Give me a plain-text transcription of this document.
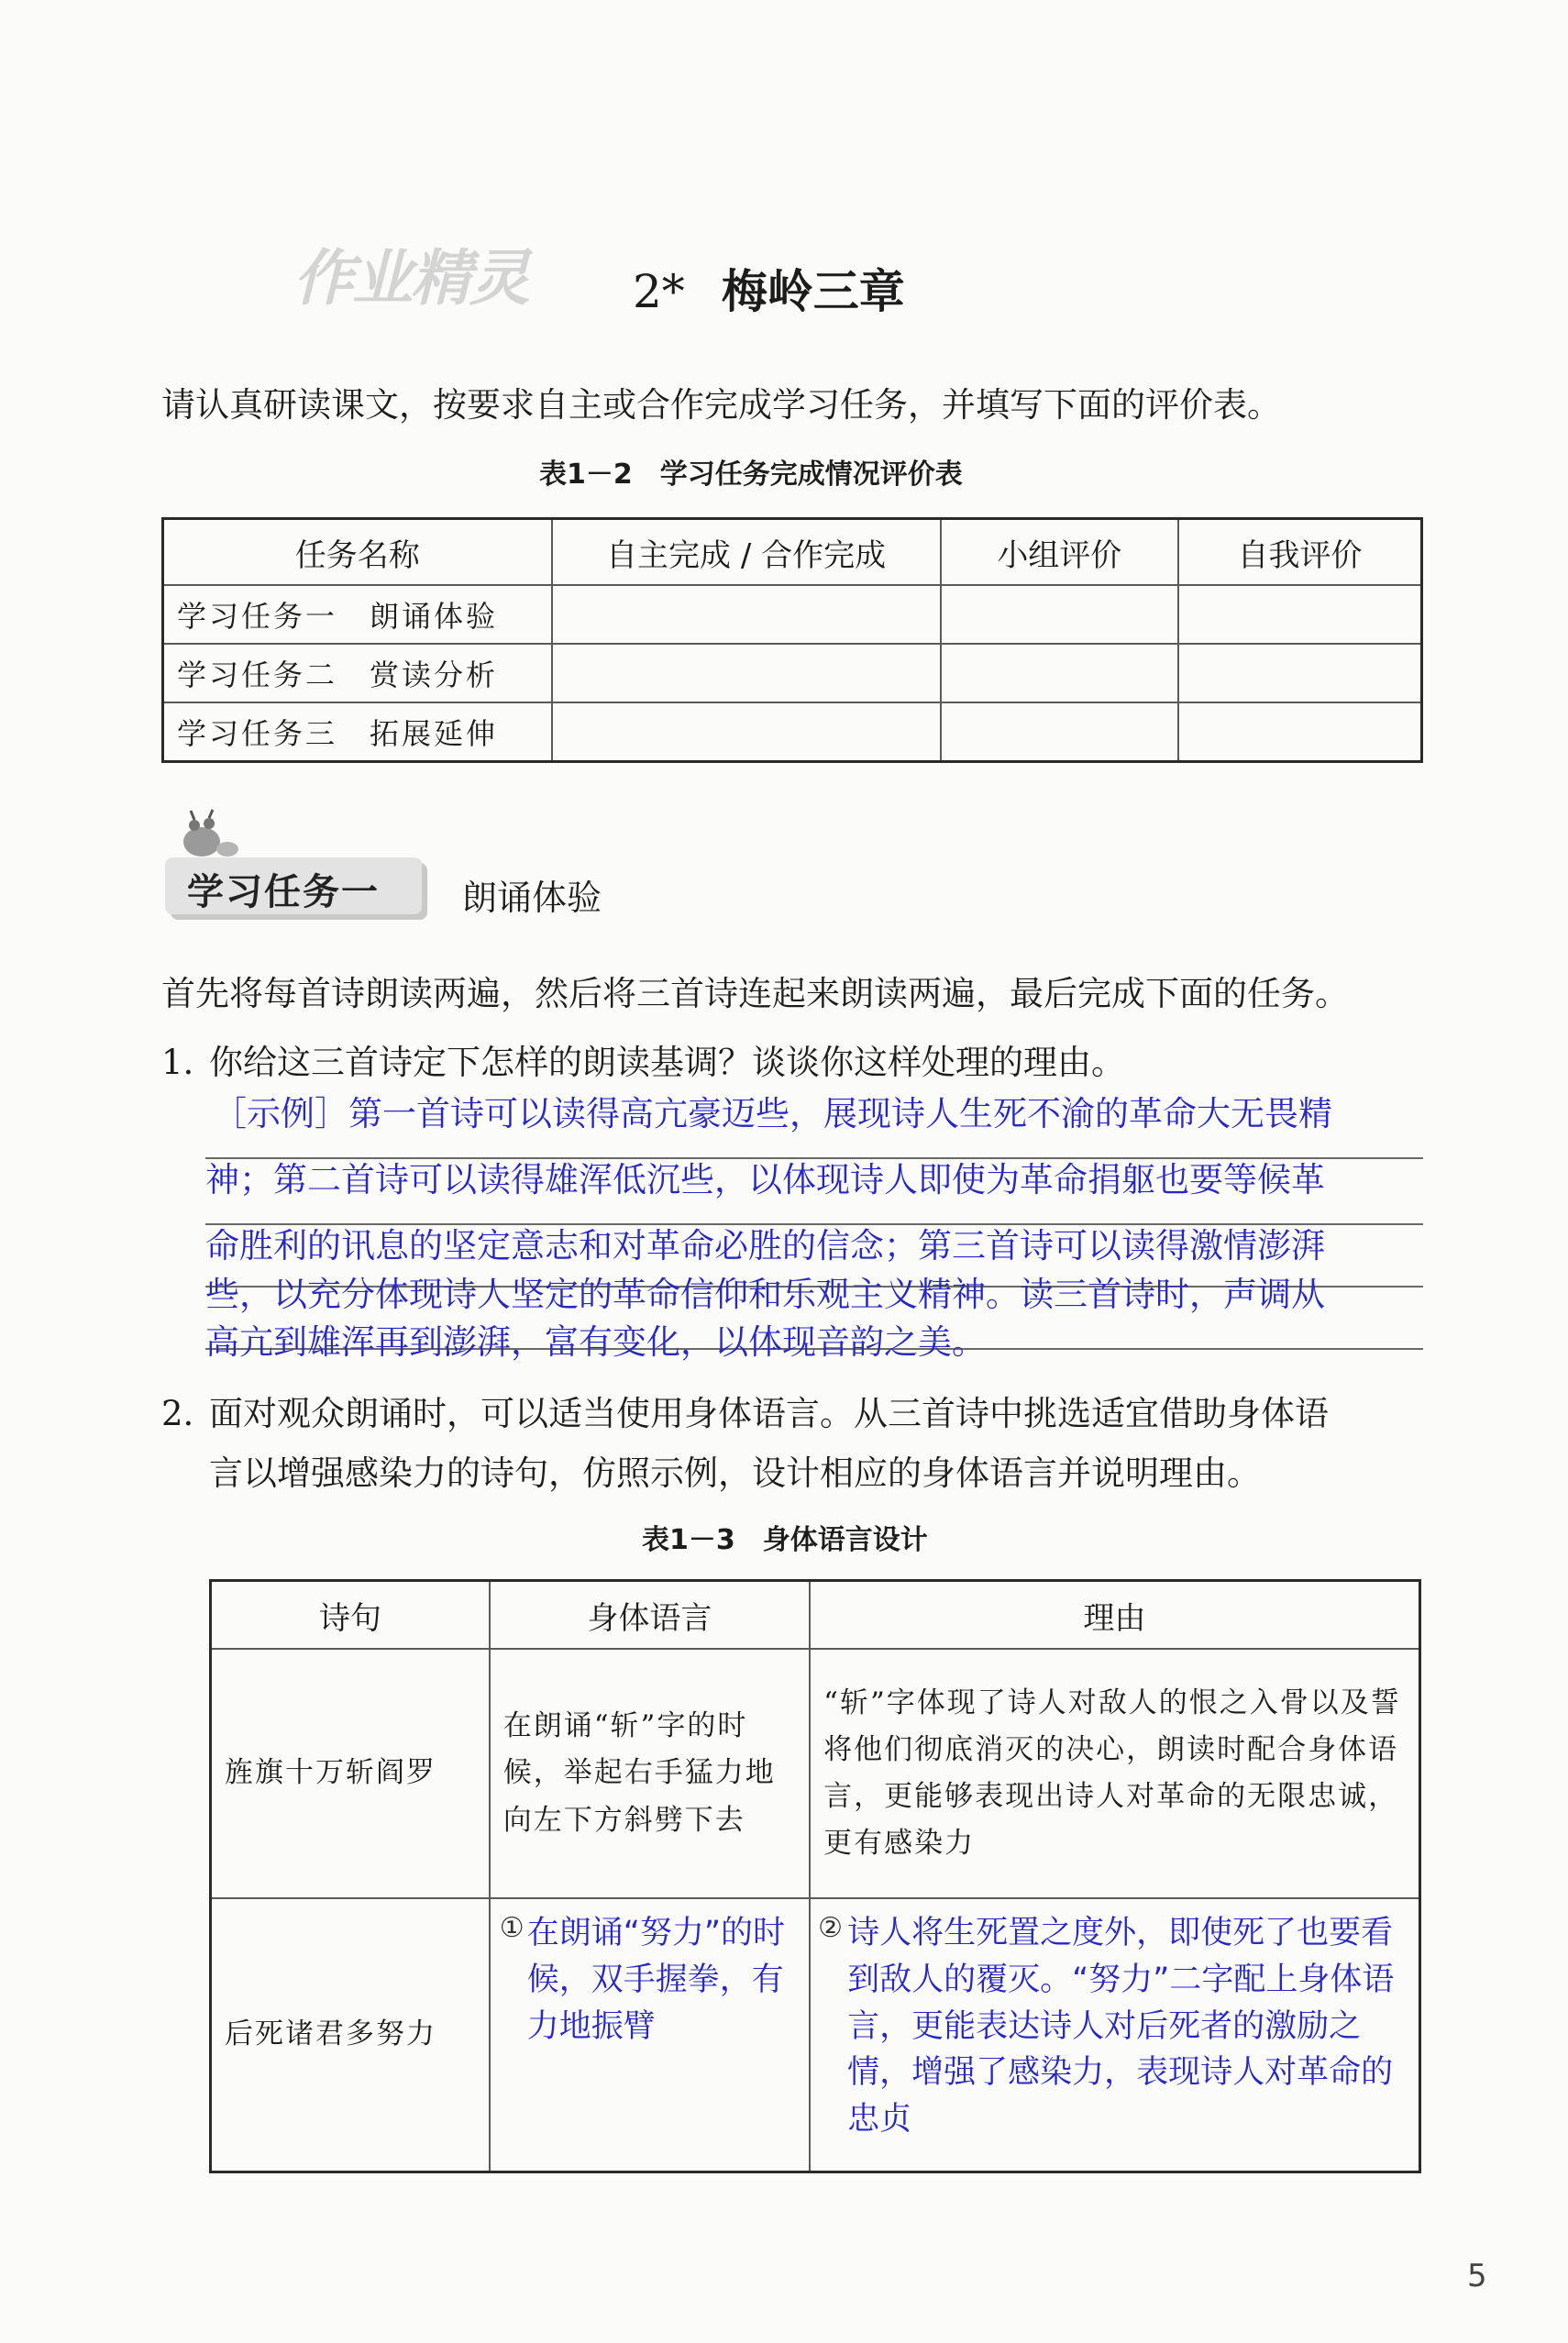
作业精灵 2* 梅岭三章
请认真研读课文，按要求自主或合作完成学习任务，并填写下面的评价表。
表1－2　学习任务完成情况评价表
任务名称	自主完成 / 合作完成	小组评价	自我评价
学习任务一　朗诵体验			
学习任务二　赏读分析			
学习任务三　拓展延伸			
学习任务一 朗诵体验
首先将每首诗朗读两遍，然后将三首诗连起来朗读两遍，最后完成下面的任务。
1. 你给这三首诗定下怎样的朗读基调？谈谈你这样处理的理由。
［示例］第一首诗可以读得高亢豪迈些，展现诗人生死不渝的革命大无畏精
神；第二首诗可以读得雄浑低沉些，以体现诗人即使为革命捐躯也要等候革
命胜利的讯息的坚定意志和对革命必胜的信念；第三首诗可以读得激情澎湃
些，以充分体现诗人坚定的革命信仰和乐观主义精神。读三首诗时，声调从
高亢到雄浑再到澎湃，富有变化，以体现音韵之美。
2. 面对观众朗诵时，可以适当使用身体语言。从三首诗中挑选适宜借助身体语
言以增强感染力的诗句，仿照示例，设计相应的身体语言并说明理由。
表1－3　身体语言设计
诗句	身体语言	理由
旌旗十万斩阎罗	在朗诵“斩”字的时候，举起右手猛力地向左下方斜劈下去	“斩”字体现了诗人对敌人的恨之入骨以及誓将他们彻底消灭的决心，朗读时配合身体语言，更能够表现出诗人对革命的无限忠诚，更有感染力
后死诸君多努力	① 在朗诵“努力”的时候，双手握拳，有力地振臂	② 诗人将生死置之度外，即使死了也要看到敌人的覆灭。“努力”二字配上身体语言，更能表达诗人对后死者的激励之情，增强了感染力，表现诗人对革命的忠贞
5
